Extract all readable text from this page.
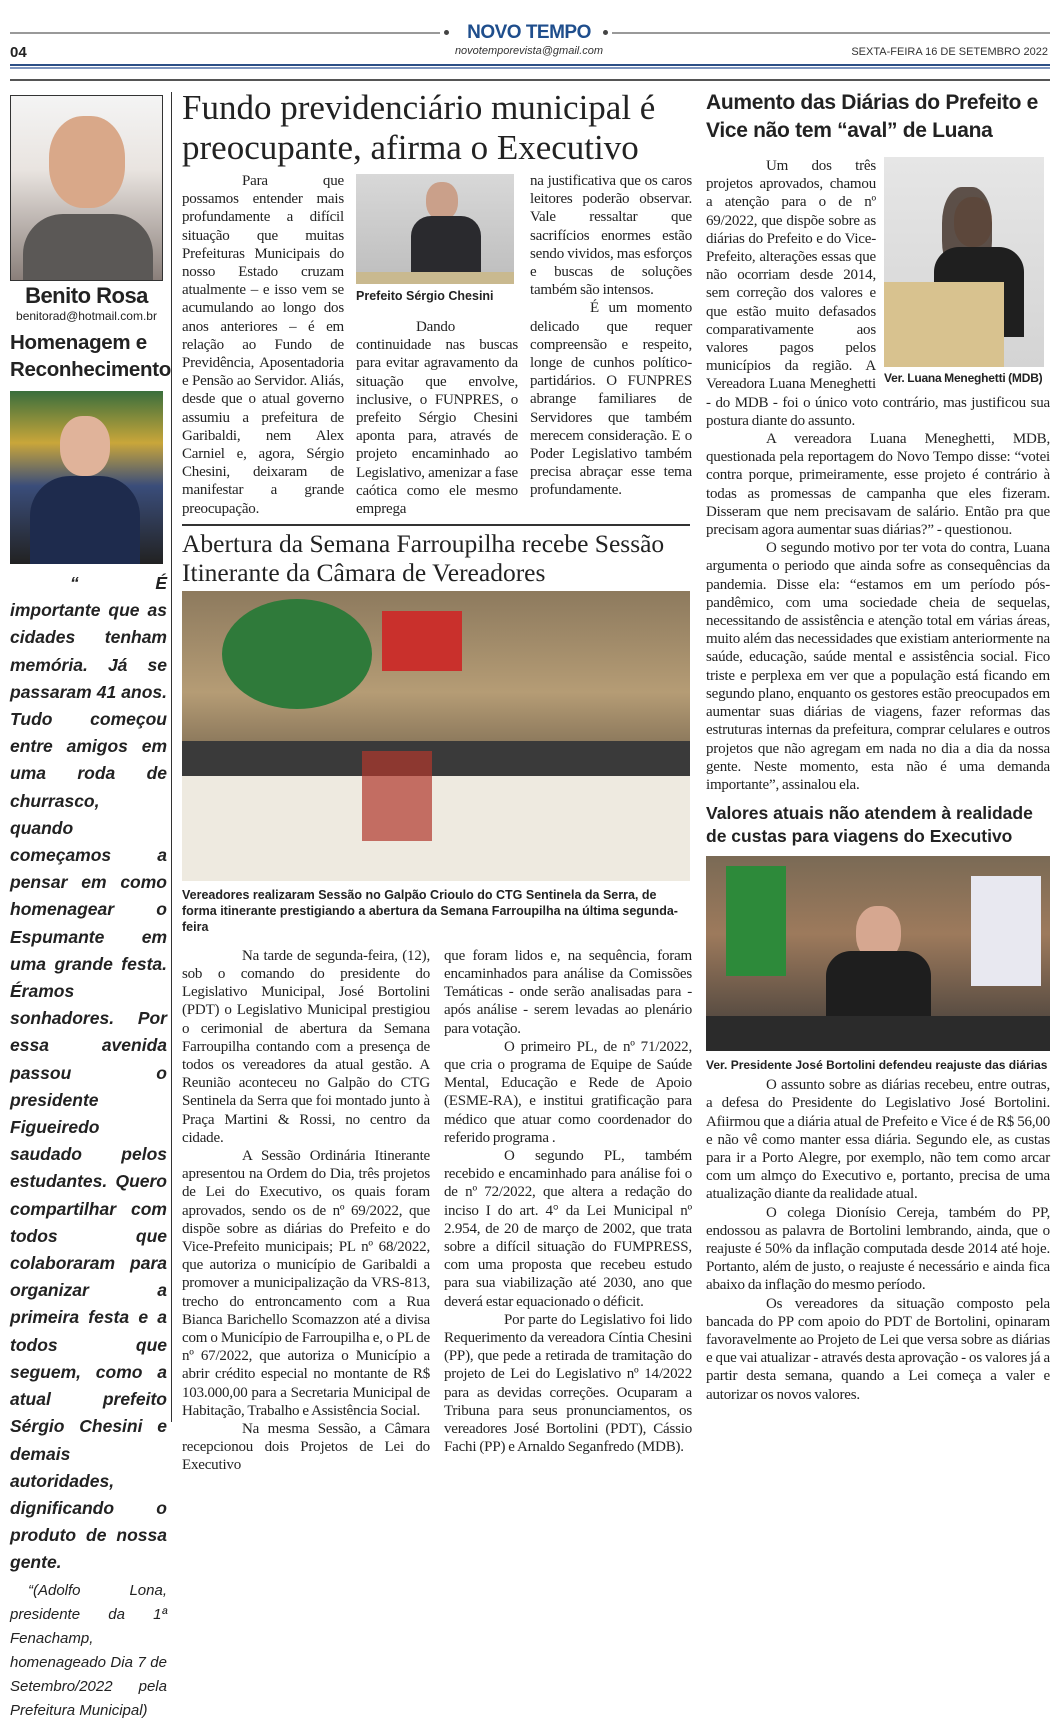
NOVO TEMPO
novotemporevista@gmail.com
04	SEXTA-FEIRA 16 DE SETEMBRO 2022
Benito Rosa
benitorad@hotmail.com.br
Homenagem e Reconhecimento
“ É importante que as cidades tenham memória. Já se passaram 41 anos. Tudo começou entre amigos em uma roda de churrasco, quando começamos a pensar em como homenagear o Espumante em uma grande festa. Éramos sonhadores. Por essa avenida passou o presidente Figueiredo saudado pelos estudantes. Quero compartilhar com todos que colaboraram para organizar a primeira festa e a todos que seguem, como a atual prefeito Sérgio Chesini e demais autoridades, dignificando o produto de nossa gente.
“(Adolfo Lona, presidente da 1ª Fenachamp, homenageado Dia 7 de Setembro/2022 pela Prefeitura Municipal)
Fundo previdenciário municipal é preocupante, afirma o Executivo

Para que possamos entender mais profundamente a difícil situação que muitas Prefeituras Municipais do nosso Estado cruzam atualmente – e isso vem se acumulando ao longo dos anos anteriores – é em relação ao Fundo de Previdência, Aposentadoria e Pensão ao Servidor. Aliás, desde que o atual governo assumiu a prefeitura de Garibaldi, nem Alex Carniel e, agora, Sérgio Chesini, deixaram de manifestar a grande preocupação.

Prefeito Sérgio Chesini

Dando continuidade nas buscas para evitar agravamento da situação que envolve, inclusive, o FUNPRES, o prefeito Sérgio Chesini aponta para, através de projeto encaminhado ao Legislativo, amenizar a fase caótica como ele mesmo emprega

na justificativa que os caros leitores poderão observar. Vale ressaltar que sacrifícios enormes estão sendo vividos, mas esforços e buscas de soluções também são intensos.

É um momento delicado que requer compreensão e respeito, longe de cunhos político-partidários. O FUNPRES abrange familiares de Servidores que também merecem consideração. E o Poder Legislativo também precisa abraçar esse tema profundamente.

Abertura da Semana Farroupilha recebe Sessão Itinerante da Câmara de Vereadores
Vereadores realizaram Sessão no Galpão Crioulo do CTG Sentinela da Serra, de forma itinerante prestigiando a abertura da Semana Farroupilha na última segunda-feira

Na tarde de segunda-feira, (12), sob o comando do presidente do Legislativo Municipal, José Bortolini (PDT) o Legislativo Municipal prestigiou o cerimonial de abertura da Semana Farroupilha contando com a presença de todos os vereadores da atual gestão. A Reunião aconteceu no Galpão do CTG Sentinela da Serra que foi montado junto à Praça Martini & Rossi, no centro da cidade.

A Sessão Ordinária Itinerante apresentou na Ordem do Dia, três projetos de Lei do Executivo, os quais foram aprovados, sendo os de nº 69/2022, que dispõe sobre as diárias do Prefeito e do Vice-Prefeito municipais; PL nº 68/2022, que autoriza o município de Garibaldi a promover a municipalização da VRS-813, trecho do entroncamento com a Rua Bianca Barichello Scomazzon até a divisa com o Município de Farroupilha e, o PL de nº 67/2022, que autoriza o Município a abrir crédito especial no montante de R$ 103.000,00 para a Secretaria Municipal de Habitação, Trabalho e Assistência Social.

Na mesma Sessão, a Câmara recepcionou dois Projetos de Lei do Executivo

que foram lidos e, na sequência, foram encaminhados para análise da Comissões Temáticas - onde serão analisadas para - após análise - serem levadas ao plenário para votação.

O primeiro PL, de nº 71/2022, que cria o programa de Equipe de Saúde Mental, Educação e Rede de Apoio (ESME-RA), e institui gratificação para médico que atuar como coordenador do referido programa .

O segundo PL, também recebido e encaminhado para análise foi o de nº 72/2022, que altera a redação do inciso I do art. 4° da Lei Municipal nº 2.954, de 20 de março de 2002, que trata sobre a difícil situação do FUMPRESS, com uma proposta que recebeu estudo para sua viabilização até 2030, ano que deverá estar equacionado o déficit.

Por parte do Legislativo foi lido Requerimento da vereadora Cíntia Chesini (PP), que pede a retirada de tramitação do projeto de Lei do Legislativo nº 14/2022 para as devidas correções. Ocuparam a Tribuna para seus pronunciamentos, os vereadores José Bortolini (PDT), Cássio Fachi (PP) e Arnaldo Seganfredo (MDB).

Aumento das Diárias do Prefeito e Vice não tem “aval” de Luana
Ver. Luana Meneghetti (MDB)

Um dos três projetos aprovados, chamou a atenção para o de nº 69/2022, que dispõe sobre as diárias do Prefeito e do Vice-Prefeito, alterações essas que não ocorriam desde 2014, sem correção dos valores e que estão muito defasados comparativamente aos valores pagos pelos municípios da região. A Vereadora Luana Meneghetti - do MDB - foi o único voto contrário, mas justificou sua postura diante do assunto.

A vereadora Luana Meneghetti, MDB, questionada pela reportagem do Novo Tempo disse: “votei contra porque, primeiramente, esse projeto é contrário à todas as promessas de campanha que eles fizeram. Disseram que nem precisavam de salário. Então pra que precisam agora aumentar suas diárias?” - questionou.

O segundo motivo por ter vota do contra, Luana argumenta o periodo que ainda sofre as consequências da pandemia. Disse ela: “estamos em um período pós-pandêmico, com uma sociedade cheia de sequelas, necessitando de assistência e atenção total em várias áreas, muito além das necessidades que existiam anteriormente na saúde, educação, saúde mental e assistência social. Fico triste e perplexa em ver que a população está ficando em segundo plano, enquanto os gestores estão preocupados em aumentar suas diárias de viagens, fazer reformas das estruturas internas da prefeitura, comprar celulares e outros projetos que não agregam em nada no dia a dia da nossa gente. Neste momento, esta não é uma demanda importante”, assinalou ela.

Valores atuais não atendem à realidade de custas para viagens do Executivo
Ver. Presidente José Bortolini defendeu reajuste das diárias

O assunto sobre as diárias recebeu, entre outras, a defesa do Presidente do Legislativo José Bortolini. Afiirmou que a diária atual de Prefeito e Vice é de R$ 56,00 e não vê como manter essa diária. Segundo ele, as custas para ir a Porto Alegre, por exemplo, não tem como arcar com um almço do Executivo e, portanto, precisa de uma atualização diante da realidade atual.

O colega Dionísio Cereja, também do PP, endossou as palavra de Bortolini lembrando, ainda, que o reajuste é 50% da inflação computada desde 2014 até hoje. Portanto, além de justo, o reajuste é necessário e ainda fica abaixo da inflação do mesmo período.

Os vereadores da situação composto pela bancada do PP com apoio do PDT de Bortolini, opinaram favoravelmente ao Projeto de Lei que versa sobre as diárias e que vai atualizar - através desta aprovação - os valores já a partir desta semana, quando a Lei começa a valer e autorizar os novos valores.
